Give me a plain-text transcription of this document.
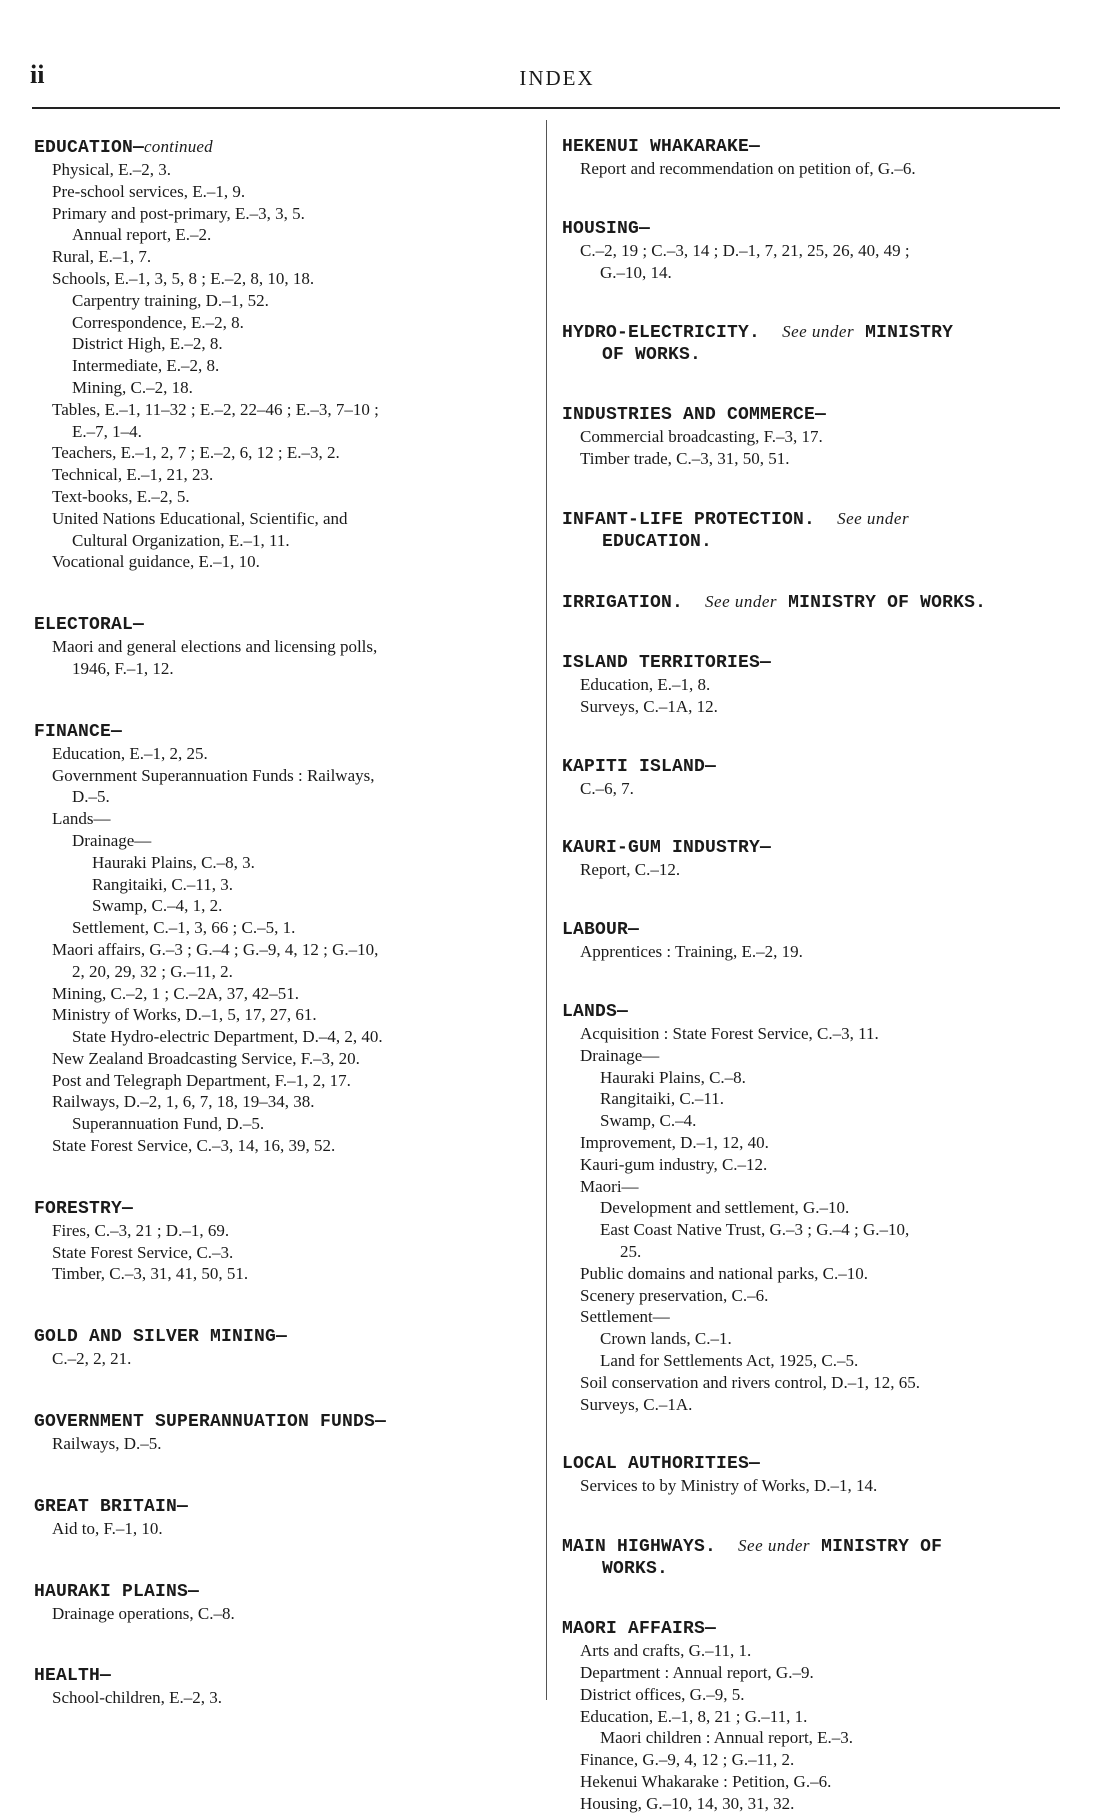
ii	INDEX
EDUCATION—continued
Physical, E.–2, 3.
Pre-school services, E.–1, 9.
Primary and post-primary, E.–3, 3, 5.
Annual report, E.–2.
Rural, E.–1, 7.
Schools, E.–1, 3, 5, 8 ; E.–2, 8, 10, 18.
Carpentry training, D.–1, 52.
Correspondence, E.–2, 8.
District High, E.–2, 8.
Intermediate, E.–2, 8.
Mining, C.–2, 18.
Tables, E.–1, 11–32 ; E.–2, 22–46 ; E.–3, 7–10 ;
E.–7, 1–4.
Teachers, E.–1, 2, 7 ; E.–2, 6, 12 ; E.–3, 2.
Technical, E.–1, 21, 23.
Text-books, E.–2, 5.
United Nations Educational, Scientific, and
Cultural Organization, E.–1, 11.
Vocational guidance, E.–1, 10.
ELECTORAL—
Maori and general elections and licensing polls,
1946, F.–1, 12.
FINANCE—
Education, E.–1, 2, 25.
Government Superannuation Funds : Railways,
D.–5.
Lands—
Drainage—
Hauraki Plains, C.–8, 3.
Rangitaiki, C.–11, 3.
Swamp, C.–4, 1, 2.
Settlement, C.–1, 3, 66 ; C.–5, 1.
Maori affairs, G.–3 ; G.–4 ; G.–9, 4, 12 ; G.–10,
2, 20, 29, 32 ; G.–11, 2.
Mining, C.–2, 1 ; C.–2A, 37, 42–51.
Ministry of Works, D.–1, 5, 17, 27, 61.
State Hydro-electric Department, D.–4, 2, 40.
New Zealand Broadcasting Service, F.–3, 20.
Post and Telegraph Department, F.–1, 2, 17.
Railways, D.–2, 1, 6, 7, 18, 19–34, 38.
Superannuation Fund, D.–5.
State Forest Service, C.–3, 14, 16, 39, 52.
FORESTRY—
Fires, C.–3, 21 ; D.–1, 69.
State Forest Service, C.–3.
Timber, C.–3, 31, 41, 50, 51.
GOLD AND SILVER MINING—
C.–2, 2, 21.
GOVERNMENT SUPERANNUATION FUNDS—
Railways, D.–5.
GREAT BRITAIN—
Aid to, F.–1, 10.
HAURAKI PLAINS—
Drainage operations, C.–8.
HEALTH—
School-children, E.–2, 3.
HEKENUI WHAKARAKE—
Report and recommendation on petition of, G.–6.
HOUSING—
C.–2, 19 ; C.–3, 14 ; D.–1, 7, 21, 25, 26, 40, 49 ;
G.–10, 14.
HYDRO-ELECTRICITY. See under MINISTRY
OF WORKS.
INDUSTRIES AND COMMERCE—
Commercial broadcasting, F.–3, 17.
Timber trade, C.–3, 31, 50, 51.
INFANT-LIFE PROTECTION. See under
EDUCATION.
IRRIGATION. See under MINISTRY OF WORKS.
ISLAND TERRITORIES—
Education, E.–1, 8.
Surveys, C.–1A, 12.
KAPITI ISLAND—
C.–6, 7.
KAURI-GUM INDUSTRY—
Report, C.–12.
LABOUR—
Apprentices : Training, E.–2, 19.
LANDS—
Acquisition : State Forest Service, C.–3, 11.
Drainage—
Hauraki Plains, C.–8.
Rangitaiki, C.–11.
Swamp, C.–4.
Improvement, D.–1, 12, 40.
Kauri-gum industry, C.–12.
Maori—
Development and settlement, G.–10.
East Coast Native Trust, G.–3 ; G.–4 ; G.–10,
25.
Public domains and national parks, C.–10.
Scenery preservation, C.–6.
Settlement—
Crown lands, C.–1.
Land for Settlements Act, 1925, C.–5.
Soil conservation and rivers control, D.–1, 12, 65.
Surveys, C.–1A.
LOCAL AUTHORITIES—
Services to by Ministry of Works, D.–1, 14.
MAIN HIGHWAYS. See under MINISTRY OF
WORKS.
MAORI AFFAIRS—
Arts and crafts, G.–11, 1.
Department : Annual report, G.–9.
District offices, G.–9, 5.
Education, E.–1, 8, 21 ; G.–11, 1.
Maori children : Annual report, E.–3.
Finance, G.–9, 4, 12 ; G.–11, 2.
Hekenui Whakarake : Petition, G.–6.
Housing, G.–10, 14, 30, 31, 32.
